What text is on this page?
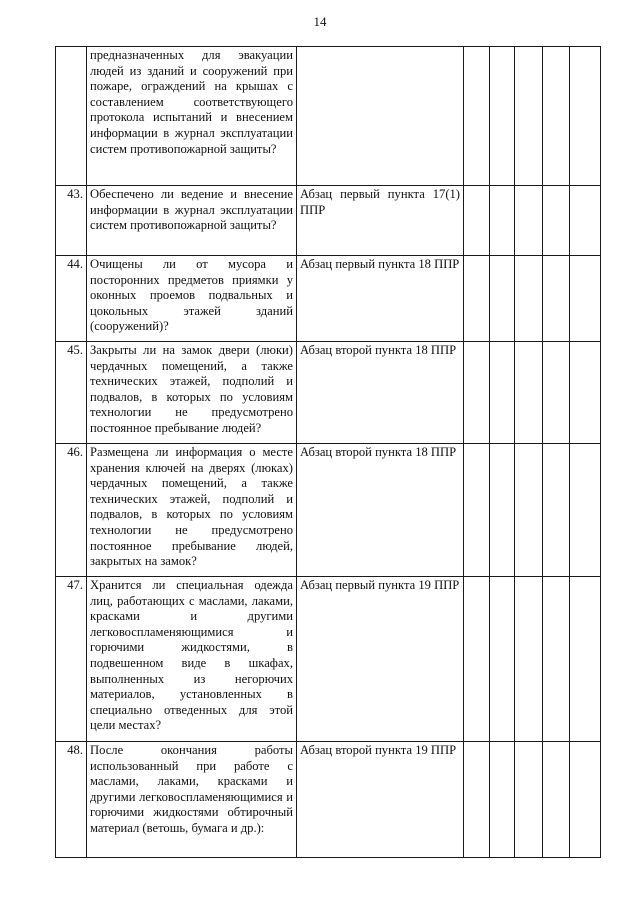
14
	предназначенных для эвакуации людей из зданий и сооружений при пожаре, ограждений на крышах с составлением соответствующего протокола испытаний и внесением информации в журнал эксплуатации систем противопожарной защиты?						
43.	Обеспечено ли ведение и внесение информации в журнал эксплуатации систем противопожарной защиты?	Абзац первый пункта 17(1) ППР					
44.	Очищены ли от мусора и посторонних предметов приямки у оконных проемов подвальных и цокольных этажей зданий (сооружений)?	Абзац первый пункта 18 ППР					
45.	Закрыты ли на замок двери (люки) чердачных помещений, а также технических этажей, подполий и подвалов, в которых по условиям технологии не предусмотрено постоянное пребывание людей?	Абзац второй пункта 18 ППР					
46.	Размещена ли информация о месте хранения ключей на дверях (люках) чердачных помещений, а также технических этажей, подполий и подвалов, в которых по условиям технологии не предусмотрено постоянное пребывание людей, закрытых на замок?	Абзац второй пункта 18 ППР					
47.	Хранится ли специальная одежда лиц, работающих с маслами, лаками, красками и другими легковоспламеняющимися и горючими жидкостями, в подвешенном виде в шкафах, выполненных из негорючих материалов, установленных в специально отведенных для этой цели местах?	Абзац первый пункта 19 ППР					
48.	После окончания работы использованный при работе с маслами, лаками, красками и другими легковоспламеняющимися и горючими жидкостями обтирочный материал (ветошь, бумага и др.):	Абзац второй пункта 19 ППР					
